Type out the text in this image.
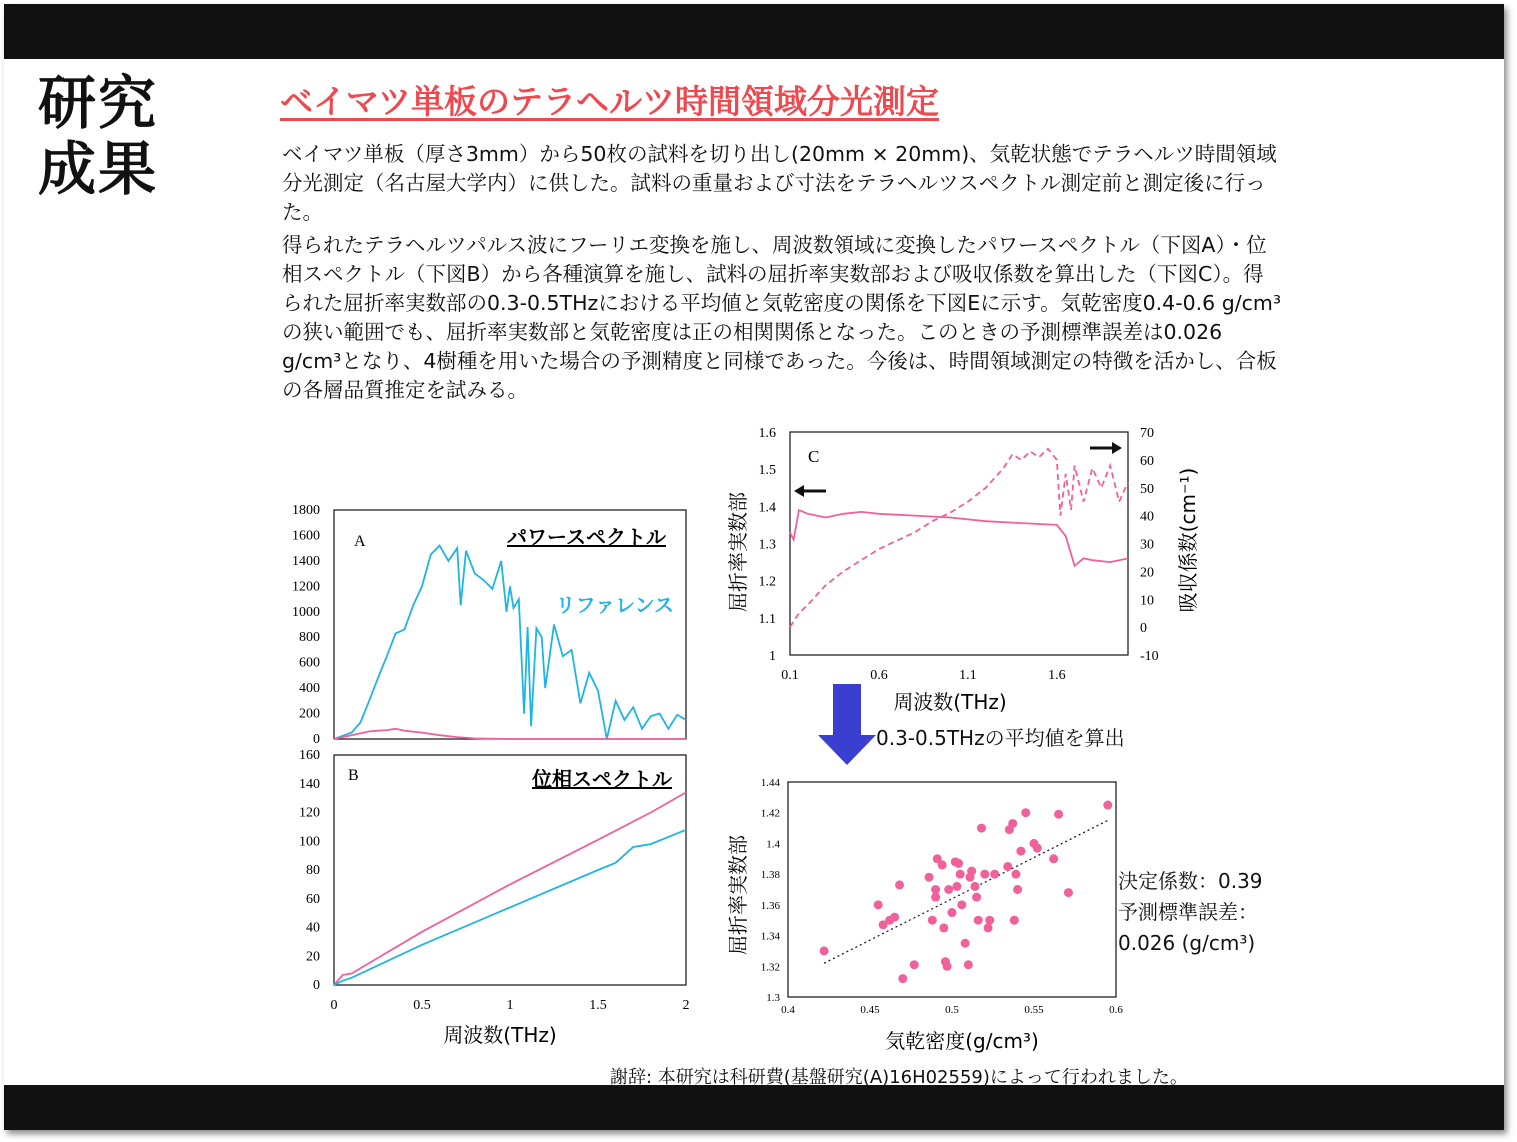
研究
成果
ベイマツ単板のテラヘルツ時間領域分光測定
ベイマツ単板（厚さ3mm）から50枚の試料を切り出し(20mm × 20mm)、気乾状態でテラヘルツ時間領域分光測定（名古屋大学内）に供した。試料の重量および寸法をテラヘルツスペクトル測定前と測定後に行った。
得られたテラヘルツパルス波にフーリエ変換を施し、周波数領域に変換したパワースペクトル（下図A）・位相スペクトル（下図B）から各種演算を施し、試料の屈折率実数部および吸収係数を算出した（下図C）。得られた屈折率実数部の0.3-0.5THzにおける平均値と気乾密度の関係を下図Eに示す。気乾密度0.4-0.6 g/cm³の狭い範囲でも、屈折率実数部と気乾密度は正の相関関係となった。このときの予測標準誤差は0.026 g/cm³となり、4樹種を用いた場合の予測精度と同様であった。今後は、時間領域測定の特徴を活かし、合板の各層品質推定を試みる。
0
200
400
600
800
1000
1200
1400
1600
1800
A	パワースペクトル
リファレンス
0
20
40
60
80
100
120
140
160
0	0.5	1	1.5	2
B	位相スペクトル
周波数(THz)
1
1.1
1.2
1.3
1.4
1.5
1.6
-10
0
10
20
30
40
50
60
70
0.1	0.6	1.1	1.6
C
周波数(THz)
屈折率実数部	吸収係数(cm⁻¹)
1.3
1.32
1.34
1.36
1.38
1.4
1.42
1.44
0.4	0.45	0.5	0.55	0.6
気乾密度(g/cm³)
屈折率実数部
0.3-0.5THzの平均値を算出
決定係数：0.39
予測標準誤差：
0.026 (g/cm³)
謝辞: 本研究は科研費(基盤研究(A)16H02559)によって行われました。
